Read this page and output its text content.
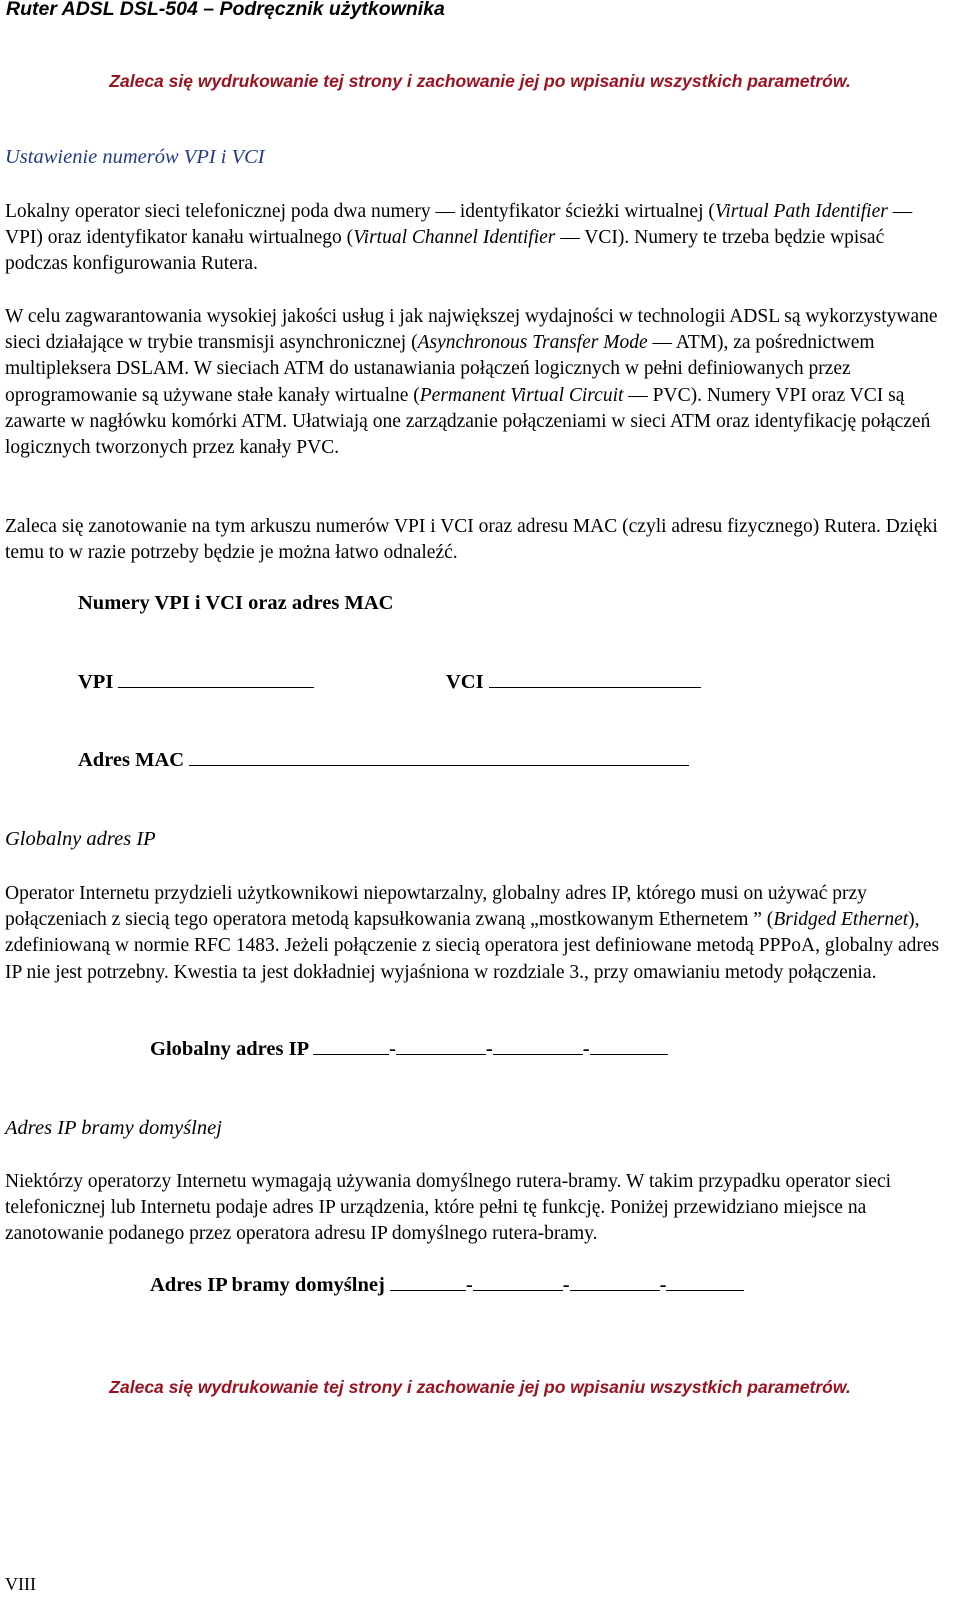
Ruter ADSL DSL-504 – Podręcznik użytkownika
Zaleca się wydrukowanie tej strony i zachowanie jej po wpisaniu wszystkich parametrów.
Ustawienie numerów VPI i VCI

Lokalny operator sieci telefonicznej poda dwa numery — identyfikator ścieżki wirtualnej (Virtual Path Identifier — VPI) oraz identyfikator kanału wirtualnego (Virtual Channel Identifier — VCI). Numery te trzeba będzie wpisać podczas konfigurowania Rutera.

W celu zagwarantowania wysokiej jakości usług i jak największej wydajności w technologii ADSL są wykorzystywane sieci działające w trybie transmisji asynchronicznej (Asynchronous Transfer Mode — ATM), za pośrednictwem multipleksera DSLAM. W sieciach ATM do ustanawiania połączeń logicznych w pełni definiowanych przez oprogramowanie są używane stałe kanały wirtualne (Permanent Virtual Circuit — PVC). Numery VPI oraz VCI są zawarte w nagłówku komórki ATM. Ułatwiają one zarządzanie połączeniami w sieci ATM oraz identyfikację połączeń logicznych tworzonych przez kanały PVC.

Zaleca się zanotowanie na tym arkuszu numerów VPI i VCI oraz adresu MAC (czyli adresu fizycznego) Rutera. Dzięki temu to w razie potrzeby będzie je można łatwo odnaleźć.

Numery VPI i VCI oraz adres MAC
VPI	VCI
Adres MAC
Globalny adres IP

Operator Internetu przydzieli użytkownikowi niepowtarzalny, globalny adres IP, którego musi on używać przy połączeniach z siecią tego operatora metodą kapsułkowania zwaną „mostkowanym Ethernetem ” (Bridged Ethernet), zdefiniowaną w normie RFC 1483. Jeżeli połączenie z siecią operatora jest definiowane metodą PPPoA, globalny adres IP nie jest potrzebny. Kwestia ta jest dokładniej wyjaśniona w rozdziale 3., przy omawianiu metody połączenia.

Globalny adres IP	-	-	-
Adres IP bramy domyślnej

Niektórzy operatorzy Internetu wymagają używania domyślnego rutera-bramy. W takim przypadku operator sieci telefonicznej lub Internetu podaje adres IP urządzenia, które pełni tę funkcję. Poniżej przewidziano miejsce na zanotowanie podanego przez operatora adresu IP domyślnego rutera-bramy.

Adres IP bramy domyślnej	-	-	-
Zaleca się wydrukowanie tej strony i zachowanie jej po wpisaniu wszystkich parametrów.
VIII
